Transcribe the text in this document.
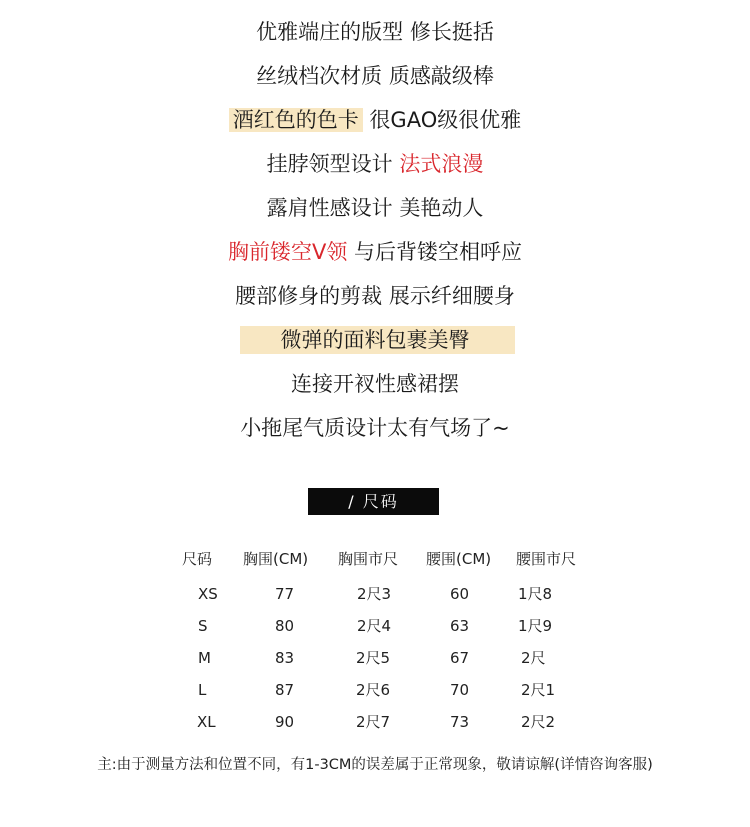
优雅端庄的版型 修长挺括
丝绒档次材质 质感敲级棒
酒红色的色卡 很GAO级很优雅
挂脖领型设计 法式浪漫
露肩性感设计 美艳动人
胸前镂空V领 与后背镂空相呼应
腰部修身的剪裁 展示纤细腰身
微弹的面料包裹美臀
连接开衩性感裙摆
小拖尾气质设计太有气场了~
/ 尺码
尺码 胸围(CM) 胸围市尺 腰围(CM) 腰围市尺
XS	77	2尺3	60	1尺8
S	80	2尺4	63	1尺9
M	83	2尺5	67	2尺
L	87	2尺6	70	2尺1
XL	90	2尺7	73	2尺2
主:由于测量方法和位置不同，有1-3CM的误差属于正常现象，敬请谅解(详情咨询客服)
